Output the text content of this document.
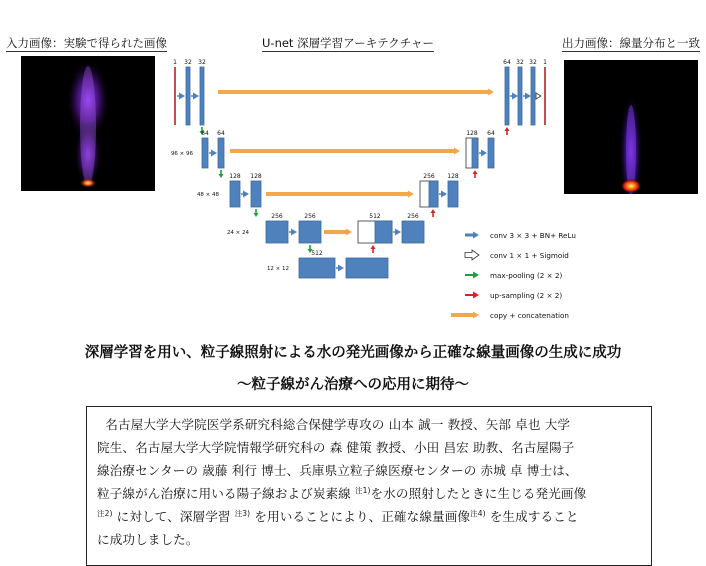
入力画像：実験で得られた画像	U-net 深層学習アーキテクチャー	出力画像：線量分布と一致
1 32 32	64 32 32 1
96 × 96
64 64	128 64
48 × 48
128 128	256 128
24 × 24
256	256	512	256
12 × 12
512
conv 3 × 3 + BN+ ReLu
conv 1 × 1 + Sigmoid
max-pooling (2 × 2)
up-sampling (2 × 2)
copy + concatenation
深層学習を用い、粒子線照射による水の発光画像から正確な線量画像の生成に成功
～粒子線がん治療への応用に期待～

名古屋大学大学院医学系研究科総合保健学専攻の 山本 誠一 教授、矢部 卓也 大学

院生、名古屋大学大学院情報学研究科の 森 健策 教授、小田 昌宏 助教、名古屋陽子

線治療センターの 歳藤 利行 博士、兵庫県立粒子線医療センターの 赤城 卓 博士は、

粒子線がん治療に用いる陽子線および炭素線 $^{注1)}$を水の照射したときに生じる発光画像

$^{注2)}$ に対して、深層学習 $^{注3)}$ を用いることにより、正確な線量画像$^{注4)}$ を生成すること

に成功しました。
